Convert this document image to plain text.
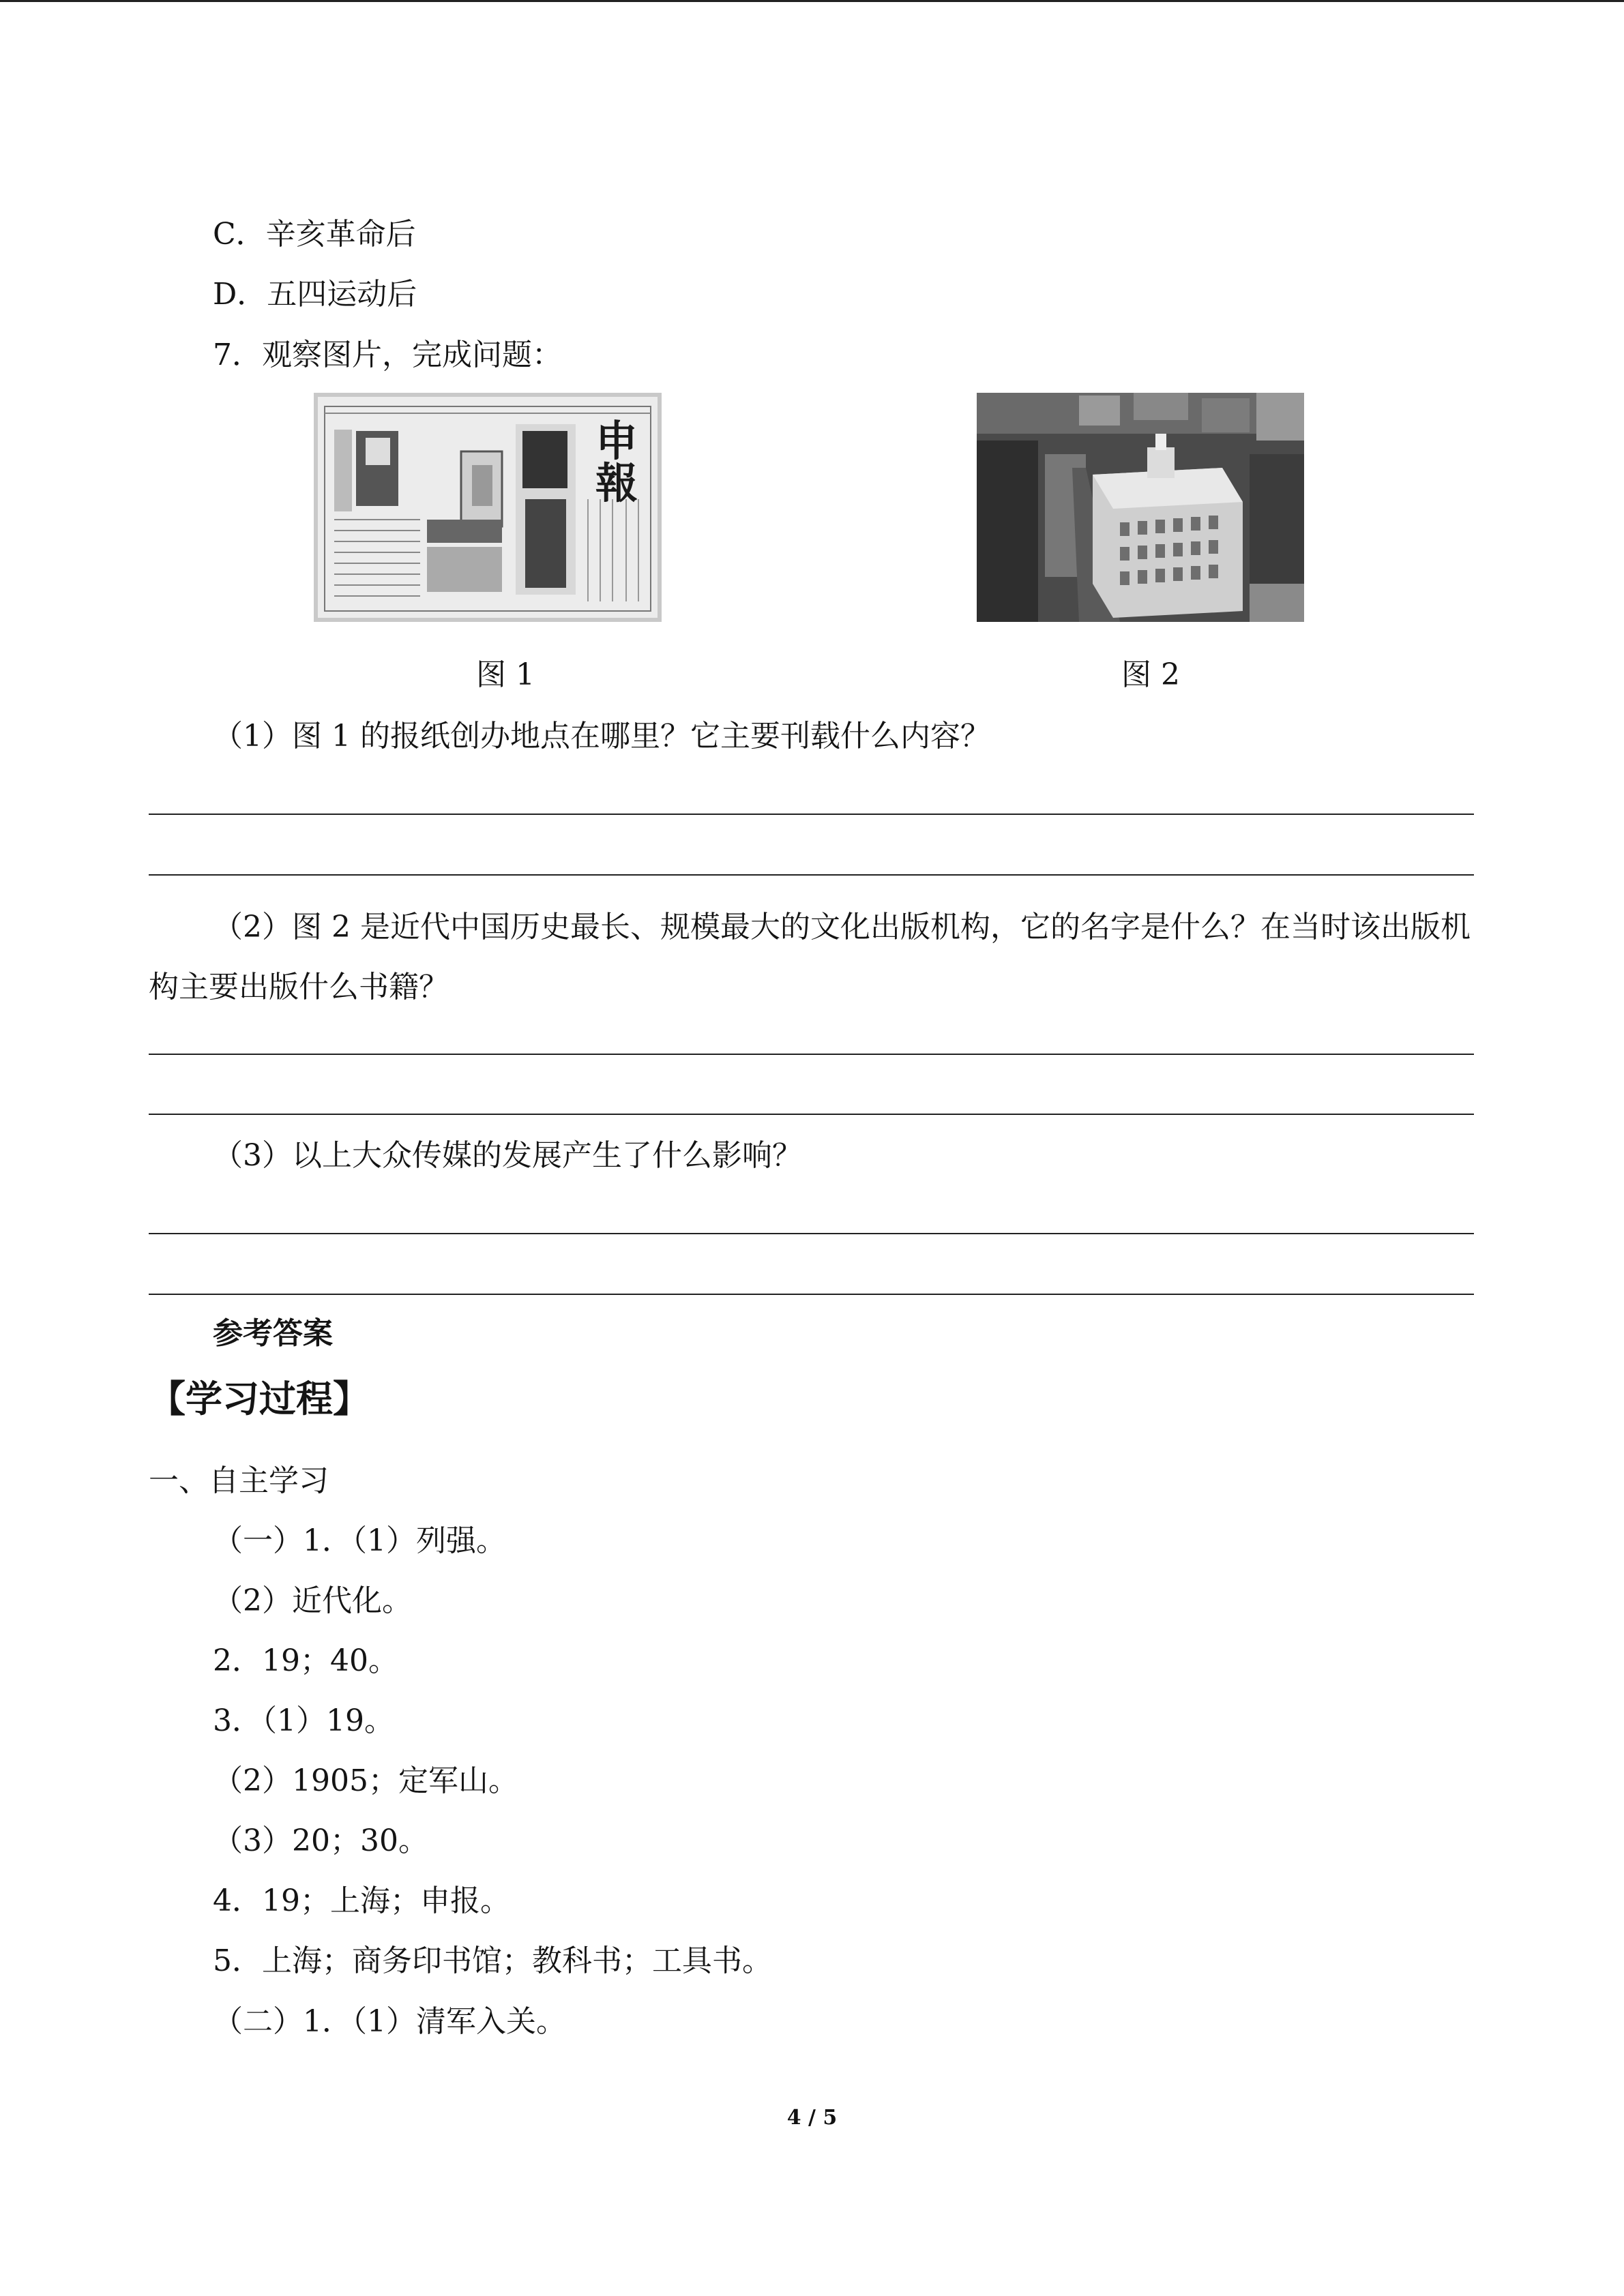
C．辛亥革命后
D．五四运动后
7．观察图片，完成问题：
申報
图 1	图 2
（1）图 1 的报纸创办地点在哪里？它主要刊载什么内容？
（2）图 2 是近代中国历史最长、规模最大的文化出版机构，它的名字是什么？在当时该出版机构主要出版什么书籍？
（3）以上大众传媒的发展产生了什么影响？
参考答案
【学习过程】
一、自主学习
（一）1．（1）列强。
（2）近代化。
2．19；40。
3．（1）19。
（2）1905；定军山。
（3）20；30。
4．19；上海；申报。
5．上海；商务印书馆；教科书；工具书。
（二）1．（1）清军入关。
4 / 5
